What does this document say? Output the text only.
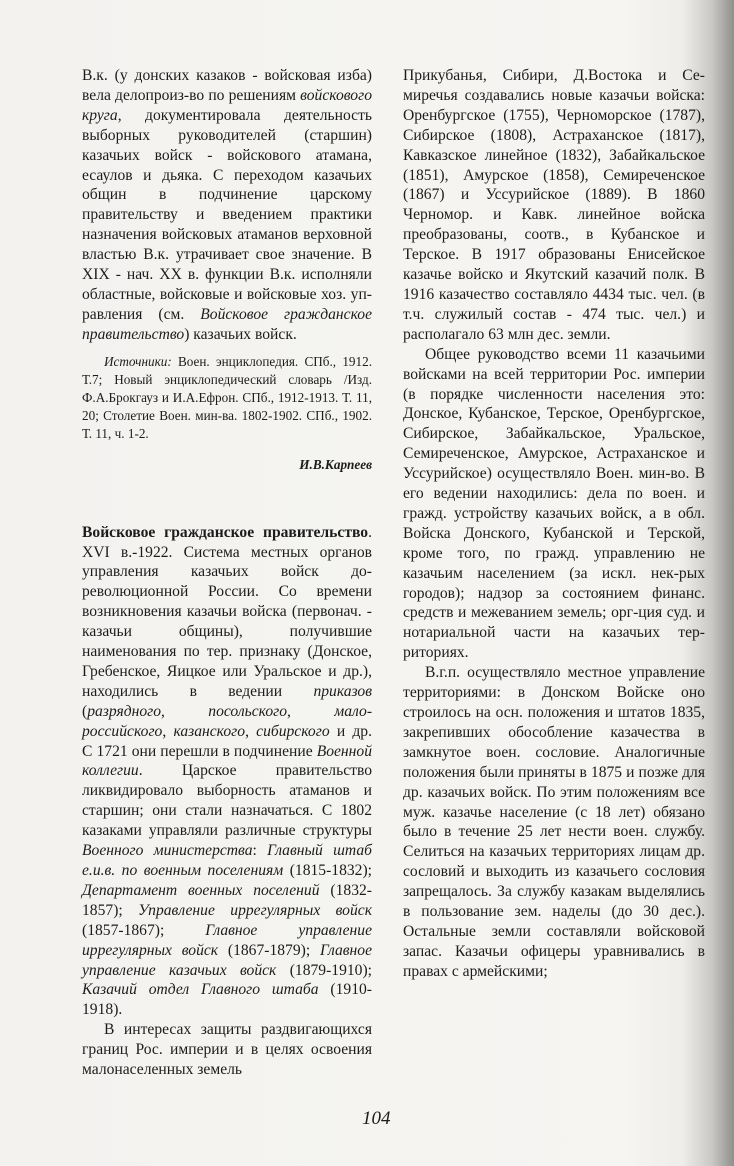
В.к. (у донских казаков - войсковая изба) вела делопроиз-во по решениям войскового круга, документировала деятельность выборных руководителей (старшин) казачьих войск - войскового атамана, есаулов и дьяка. С переходом казачьих общин в подчинение царскому правительству и введением практики назначения войсковых атаманов верховной властью В.к. утрачивает свое значение. В XIX - нач. XX в. функции В.к. исполняли областные, войсковые и войсковые хоз. управления (см. Войсковое гражданское правительство) казачьих войск.

Источники: Воен. энциклопедия. СПб., 1912. Т.7; Новый энциклопедический словарь /Изд. Ф.А.Брокгауз и И.А.Ефрон. СПб., 1912-1913. Т. 11, 20; Столетие Воен. мин-ва. 1802-1902. СПб., 1902. Т. 11, ч. 1-2.

И.В.Карпеев

Войсковое гражданское правительство. XVI в.-1922. Система местных органов управления казачьих войск дореволюционной России. Со времени возникновения казачьи войска (первонач. - казачьи общины), получившие наименования по тер. признаку (Донское, Гребенское, Яицкое или Уральское и др.), находились в ведении приказов (разрядного, посольского, малороссийского, казанского, сибирского и др. С 1721 они перешли в подчинение Военной коллегии. Царское правительство ликвидировало выборность атаманов и старшин; они стали назначаться. С 1802 казаками управляли различные структуры Военного министерства: Главный штаб е.и.в. по военным поселениям (1815-1832); Департамент военных поселений (1832-1857); Управление иррегулярных войск (1857-1867); Главное управление иррегулярных войск (1867-1879); Главное управление казачьих войск (1879-1910); Казачий отдел Главного штаба (1910-1918).

В интересах защиты раздвигающихся границ Рос. империи и в целях освоения малонаселенных земель

Прикубанья, Сибири, Д.Востока и Семиречья создавались новые казачьи войска: Оренбургское (1755), Черноморское (1787), Сибирское (1808), Астраханское (1817), Кавказское линейное (1832), Забайкальское (1851), Амурское (1858), Семиреченское (1867) и Уссурийское (1889). В 1860 Черномор. и Кавк. линейное войска преобразованы, соотв., в Кубанское и Терское. В 1917 образованы Енисейское казачье войско и Якутский казачий полк. В 1916 казачество составляло 4434 тыс. чел. (в т.ч. служилый состав - 474 тыс. чел.) и располагало 63 млн дес. земли.

Общее руководство всеми 11 казачьими войсками на всей территории Рос. империи (в порядке численности населения это: Донское, Кубанское, Терское, Оренбургское, Сибирское, Забайкальское, Уральское, Семиреченское, Амурское, Астраханское и Уссурийское) осуществляло Воен. мин-во. В его ведении находились: дела по воен. и гражд. устройству казачьих войск, а в обл. Войска Донского, Кубанской и Терской, кроме того, по гражд. управлению не казачьим населением (за искл. нек-рых городов); надзор за состоянием финанс. средств и межеванием земель; орг-ция суд. и нотариальной части на казачьих территориях.

В.г.п. осуществляло местное управление территориями: в Донском Войске оно строилось на осн. положения и штатов 1835, закрепивших обособление казачества в замкнутое воен. сословие. Аналогичные положения были приняты в 1875 и позже для др. казачьих войск. По этим положениям все муж. казачье население (с 18 лет) обязано было в течение 25 лет нести воен. службу. Селиться на казачьих территориях лицам др. сословий и выходить из казачьего сословия запрещалось. За службу казакам выделялись в пользование зем. наделы (до 30 дес.). Остальные земли составляли войсковой запас. Казачьи офицеры уравнивались в правах с армейскими;

104
